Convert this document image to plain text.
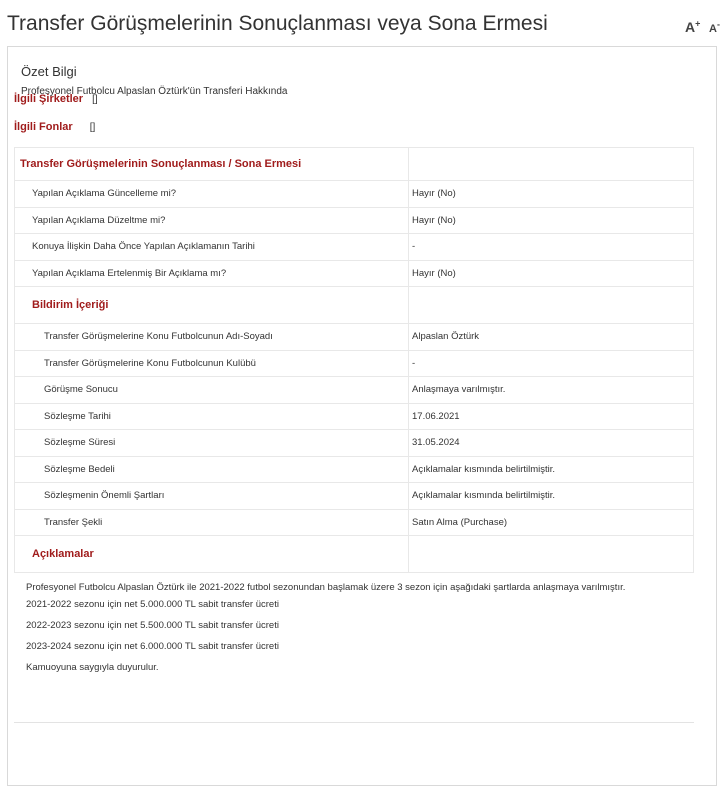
Transfer Görüşmelerinin Sonuçlanması veya Sona Ermesi	A+ A-
Özet Bilgi
Profesyonel Futbolcu Alpaslan Öztürk'ün Transferi Hakkında
İlgili Şirketler []
İlgili Fonlar []
Transfer Görüşmelerinin Sonuçlanması / Sona Ermesi	
Yapılan Açıklama Güncelleme mi?	Hayır (No)
Yapılan Açıklama Düzeltme mi?	Hayır (No)
Konuya İlişkin Daha Önce Yapılan Açıklamanın Tarihi	-
Yapılan Açıklama Ertelenmiş Bir Açıklama mı?	Hayır (No)
Bildirim İçeriği	
Transfer Görüşmelerine Konu Futbolcunun Adı-Soyadı	Alpaslan Öztürk
Transfer Görüşmelerine Konu Futbolcunun Kulübü	-
Görüşme Sonucu	Anlaşmaya varılmıştır.
Sözleşme Tarihi	17.06.2021
Sözleşme Süresi	31.05.2024
Sözleşme Bedeli	Açıklamalar kısmında belirtilmiştir.
Sözleşmenin Önemli Şartları	Açıklamalar kısmında belirtilmiştir.
Transfer Şekli	Satın Alma (Purchase)
Açıklamalar	

Profesyonel Futbolcu Alpaslan Öztürk ile 2021-2022 futbol sezonundan başlamak üzere 3 sezon için aşağıdaki şartlarda anlaşmaya varılmıştır.

2021-2022 sezonu için net 5.000.000 TL sabit transfer ücreti

2022-2023 sezonu için net 5.500.000 TL sabit transfer ücreti

2023-2024 sezonu için net 6.000.000 TL sabit transfer ücreti

Kamuoyuna saygıyla duyurulur.
